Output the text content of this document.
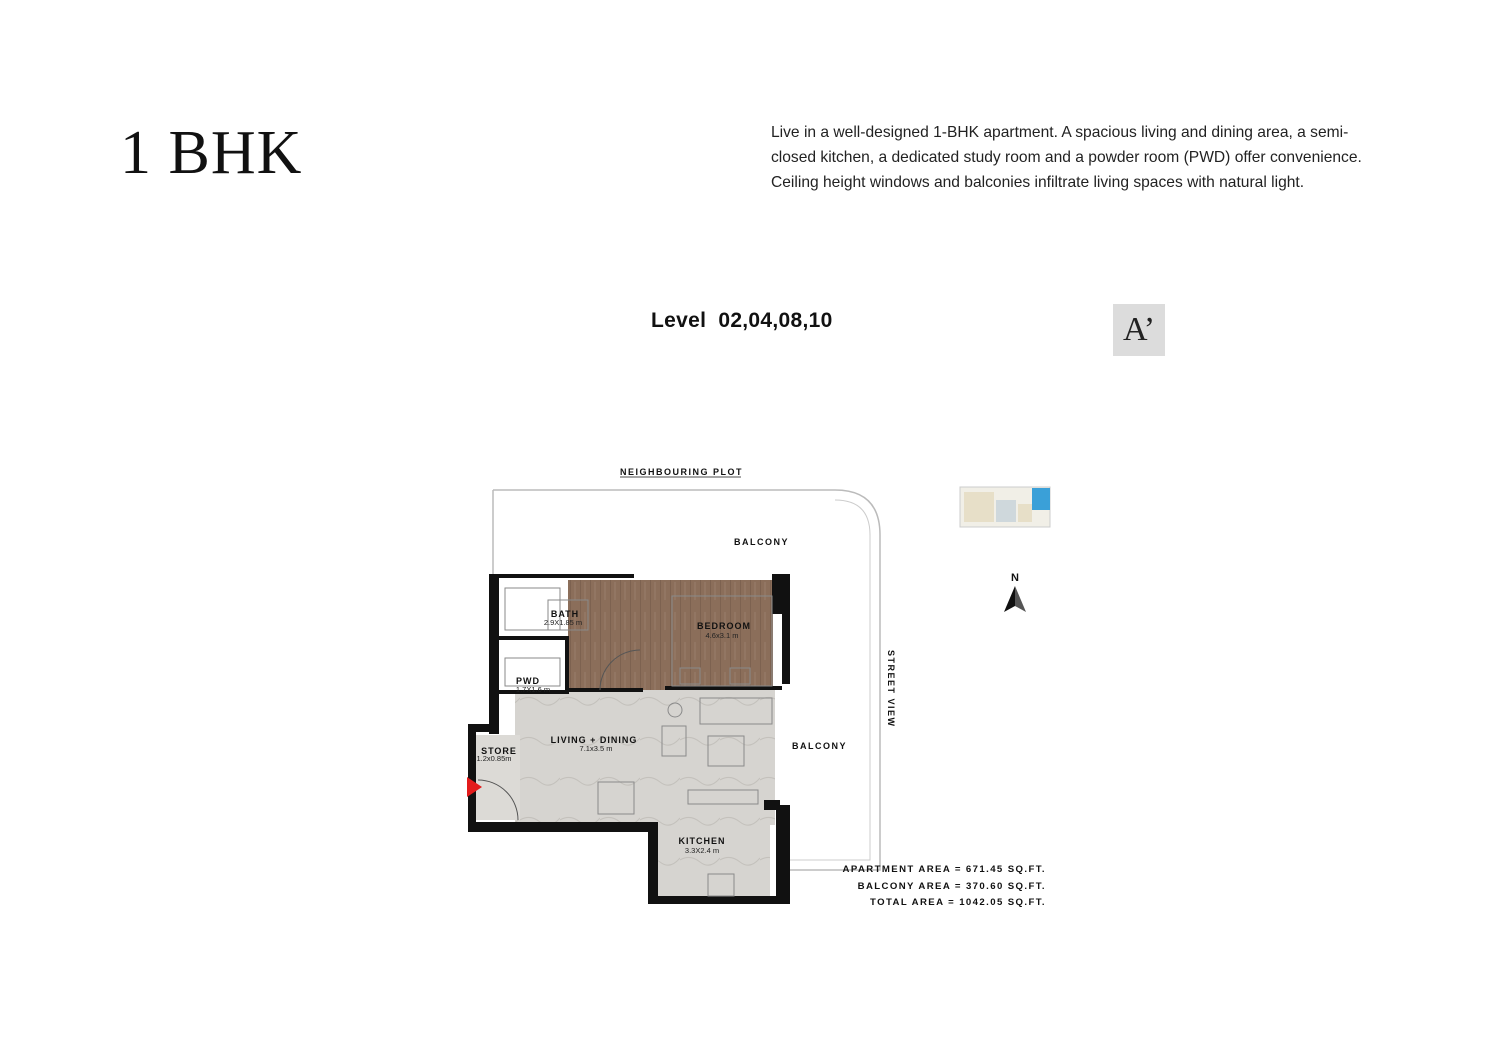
1 BHK	Live in a well-designed 1-BHK apartment. A spacious living and dining area, a semi-closed kitchen, a dedicated study room and a powder room (PWD) offer convenience. Ceiling height windows and balconies infiltrate living spaces with natural light.
Level 02,04,08,10	A’
NEIGHBOURING PLOT
BALCONY
BALCONY
STREET VIEW
BATH
2.9X1.85 m	BEDROOM
4.6x3.1 m
PWD
1.7X1.6 m
LIVING + DINING
7.1x3.5 m
STORE
1.2x0.85m
KITCHEN
3.3X2.4 m
N
APARTMENT AREA = 671.45 SQ.FT.
BALCONY AREA = 370.60 SQ.FT.
TOTAL AREA = 1042.05 SQ.FT.
